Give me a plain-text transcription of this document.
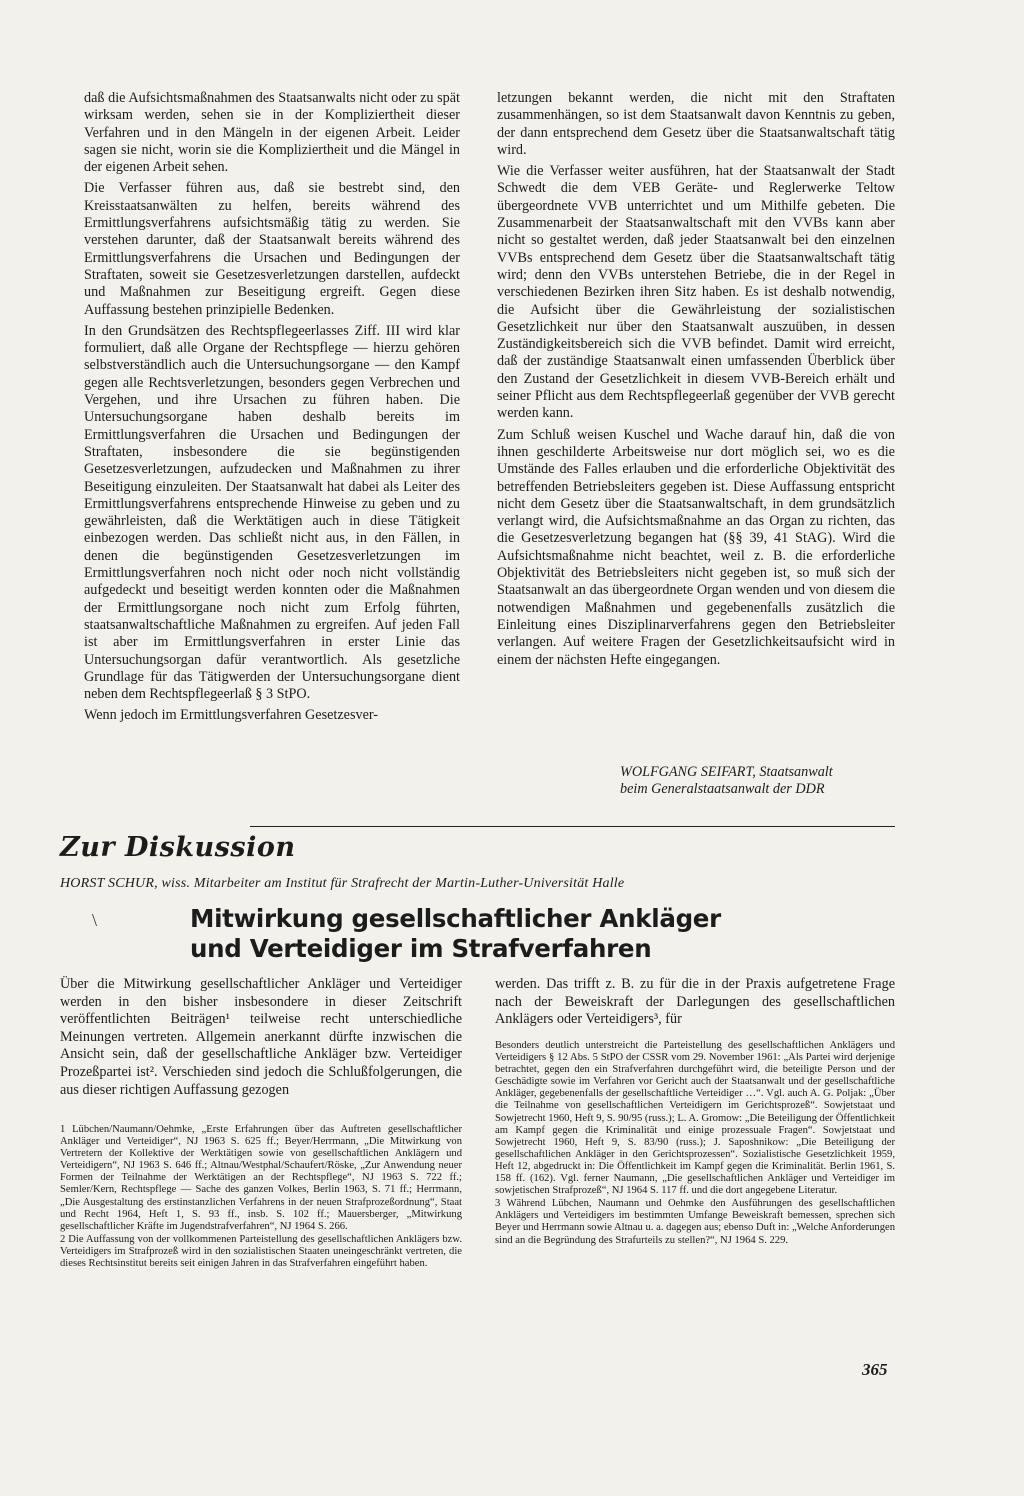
daß die Aufsichtsmaßnahmen des Staatsanwalts nicht oder zu spät wirksam werden, sehen sie in der Kompliziertheit dieser Verfahren und in den Mängeln in der eigenen Arbeit. Leider sagen sie nicht, worin sie die Kompliziertheit und die Mängel in der eigenen Arbeit sehen.

Die Verfasser führen aus, daß sie bestrebt sind, den Kreisstaatsanwälten zu helfen, bereits während des Ermittlungsverfahrens aufsichtsmäßig tätig zu werden. Sie verstehen darunter, daß der Staatsanwalt bereits während des Ermittlungsverfahrens die Ursachen und Bedingungen der Straftaten, soweit sie Gesetzesverletzungen darstellen, aufdeckt und Maßnahmen zur Beseitigung ergreift. Gegen diese Auffassung bestehen prinzipielle Bedenken.

In den Grundsätzen des Rechtspflegeerlasses Ziff. III wird klar formuliert, daß alle Organe der Rechtspflege — hierzu gehören selbstverständlich auch die Untersuchungsorgane — den Kampf gegen alle Rechtsverletzungen, besonders gegen Verbrechen und Vergehen, und ihre Ursachen zu führen haben. Die Untersuchungsorgane haben deshalb bereits im Ermittlungsverfahren die Ursachen und Bedingungen der Straftaten, insbesondere die sie begünstigenden Gesetzesverletzungen, aufzudecken und Maßnahmen zu ihrer Beseitigung einzuleiten. Der Staatsanwalt hat dabei als Leiter des Ermittlungsverfahrens entsprechende Hinweise zu geben und zu gewährleisten, daß die Werktätigen auch in diese Tätigkeit einbezogen werden. Das schließt nicht aus, in den Fällen, in denen die begünstigenden Gesetzesverletzungen im Ermittlungsverfahren noch nicht oder noch nicht vollständig aufgedeckt und beseitigt werden konnten oder die Maßnahmen der Ermittlungsorgane noch nicht zum Erfolg führten, staatsanwaltschaftliche Maßnahmen zu ergreifen. Auf jeden Fall ist aber im Ermittlungsverfahren in erster Linie das Untersuchungsorgan dafür verantwortlich. Als gesetzliche Grundlage für das Tätigwerden der Untersuchungsorgane dient neben dem Rechtspflegeerlaß § 3 StPO.

Wenn jedoch im Ermittlungsverfahren Gesetzesver-

letzungen bekannt werden, die nicht mit den Straftaten zusammenhängen, so ist dem Staatsanwalt davon Kenntnis zu geben, der dann entsprechend dem Gesetz über die Staatsanwaltschaft tätig wird.

Wie die Verfasser weiter ausführen, hat der Staatsanwalt der Stadt Schwedt die dem VEB Geräte- und Reglerwerke Teltow übergeordnete VVB unterrichtet und um Mithilfe gebeten. Die Zusammenarbeit der Staatsanwaltschaft mit den VVBs kann aber nicht so gestaltet werden, daß jeder Staatsanwalt bei den einzelnen VVBs entsprechend dem Gesetz über die Staatsanwaltschaft tätig wird; denn den VVBs unterstehen Betriebe, die in der Regel in verschiedenen Bezirken ihren Sitz haben. Es ist deshalb notwendig, die Aufsicht über die Gewährleistung der sozialistischen Gesetzlichkeit nur über den Staatsanwalt auszuüben, in dessen Zuständigkeitsbereich sich die VVB befindet. Damit wird erreicht, daß der zuständige Staatsanwalt einen umfassenden Überblick über den Zustand der Gesetzlichkeit in diesem VVB-Bereich erhält und seiner Pflicht aus dem Rechtspflegeerlaß gegenüber der VVB gerecht werden kann.

Zum Schluß weisen Kuschel und Wache darauf hin, daß die von ihnen geschilderte Arbeitsweise nur dort möglich sei, wo es die Umstände des Falles erlauben und die erforderliche Objektivität des betreffenden Betriebsleiters gegeben ist. Diese Auffassung entspricht nicht dem Gesetz über die Staatsanwaltschaft, in dem grundsätzlich verlangt wird, die Aufsichtsmaßnahme an das Organ zu richten, das die Gesetzesverletzung begangen hat (§§ 39, 41 StAG). Wird die Aufsichtsmaßnahme nicht beachtet, weil z. B. die erforderliche Objektivität des Betriebsleiters nicht gegeben ist, so muß sich der Staatsanwalt an das übergeordnete Organ wenden und von diesem die notwendigen Maßnahmen und gegebenenfalls zusätzlich die Einleitung eines Disziplinarverfahrens gegen den Betriebsleiter verlangen. Auf weitere Fragen der Gesetzlichkeitsaufsicht wird in einem der nächsten Hefte eingegangen.

WOLFGANG SEIFART, Staatsanwalt
beim Generalstaatsanwalt der DDR
Zur Diskussion
HORST SCHUR, wiss. Mitarbeiter am Institut für Strafrecht der Martin-Luther-Universität Halle
\	Mitwirkung gesellschaftlicher Ankläger
und Verteidiger im Strafverfahren

Über die Mitwirkung gesellschaftlicher Ankläger und Verteidiger werden in den bisher insbesondere in dieser Zeitschrift veröffentlichten Beiträgen¹ teilweise recht unterschiedliche Meinungen vertreten. Allgemein anerkannt dürfte inzwischen die Ansicht sein, daß der gesellschaftliche Ankläger bzw. Verteidiger Prozeßpartei ist². Verschieden sind jedoch die Schlußfolgerungen, die aus dieser richtigen Auffassung gezogen

werden. Das trifft z. B. zu für die in der Praxis aufgetretene Frage nach der Beweiskraft der Darlegungen des gesellschaftlichen Anklägers oder Verteidigers³, für

1 Lübchen/Naumann/Oehmke, „Erste Erfahrungen über das Auftreten gesellschaftlicher Ankläger und Verteidiger“, NJ 1963 S. 625 ff.; Beyer/Herrmann, „Die Mitwirkung von Vertretern der Kollektive der Werktätigen sowie von gesellschaftlichen Anklägern und Verteidigern“, NJ 1963 S. 646 ff.; Altnau/Westphal/Schaufert/Röske, „Zur Anwendung neuer Formen der Teilnahme der Werktätigen an der Rechtspflege“, NJ 1963 S. 722 ff.; Semler/Kern, Rechtspflege — Sache des ganzen Volkes, Berlin 1963, S. 71 ff.; Herrmann, „Die Ausgestaltung des erstinstanzlichen Verfahrens in der neuen Strafprozeßordnung“, Staat und Recht 1964, Heft 1, S. 93 ff., insb. S. 102 ff.; Mauersberger, „Mitwirkung gesellschaftlicher Kräfte im Jugendstrafverfahren“, NJ 1964 S. 266.

2 Die Auffassung von der vollkommenen Parteistellung des gesellschaftlichen Anklägers bzw. Verteidigers im Strafprozeß wird in den sozialistischen Staaten uneingeschränkt vertreten, die dieses Rechtsinstitut bereits seit einigen Jahren in das Strafverfahren eingeführt haben.

Besonders deutlich unterstreicht die Parteistellung des gesellschaftlichen Anklägers und Verteidigers § 12 Abs. 5 StPO der CSSR vom 29. November 1961: „Als Partei wird derjenige betrachtet, gegen den ein Strafverfahren durchgeführt wird, die beteiligte Person und der Geschädigte sowie im Verfahren vor Gericht auch der Staatsanwalt und der gesellschaftliche Ankläger, gegebenenfalls der gesellschaftliche Verteidiger …“. Vgl. auch A. G. Poljak: „Über die Teilnahme von gesellschaftlichen Verteidigern im Gerichtsprozeß“. Sowjetstaat und Sowjetrecht 1960, Heft 9, S. 90/95 (russ.); L. A. Gromow: „Die Beteiligung der Öffentlichkeit am Kampf gegen die Kriminalität und einige prozessuale Fragen“. Sowjetstaat und Sowjetrecht 1960, Heft 9, S. 83/90 (russ.); J. Saposhnikow: „Die Beteiligung der gesellschaftlichen Ankläger in den Gerichtsprozessen“. Sozialistische Gesetzlichkeit 1959, Heft 12, abgedruckt in: Die Öffentlichkeit im Kampf gegen die Kriminalität. Berlin 1961, S. 158 ff. (162). Vgl. ferner Naumann, „Die gesellschaftlichen Ankläger und Verteidiger im sowjetischen Strafprozeß“, NJ 1964 S. 117 ff. und die dort angegebene Literatur.

3 Während Lübchen, Naumann und Oehmke den Ausführungen des gesellschaftlichen Anklägers und Verteidigers im bestimmten Umfange Beweiskraft bemessen, sprechen sich Beyer und Herrmann sowie Altnau u. a. dagegen aus; ebenso Duft in: „Welche Anforderungen sind an die Begründung des Strafurteils zu stellen?“, NJ 1964 S. 229.

365
